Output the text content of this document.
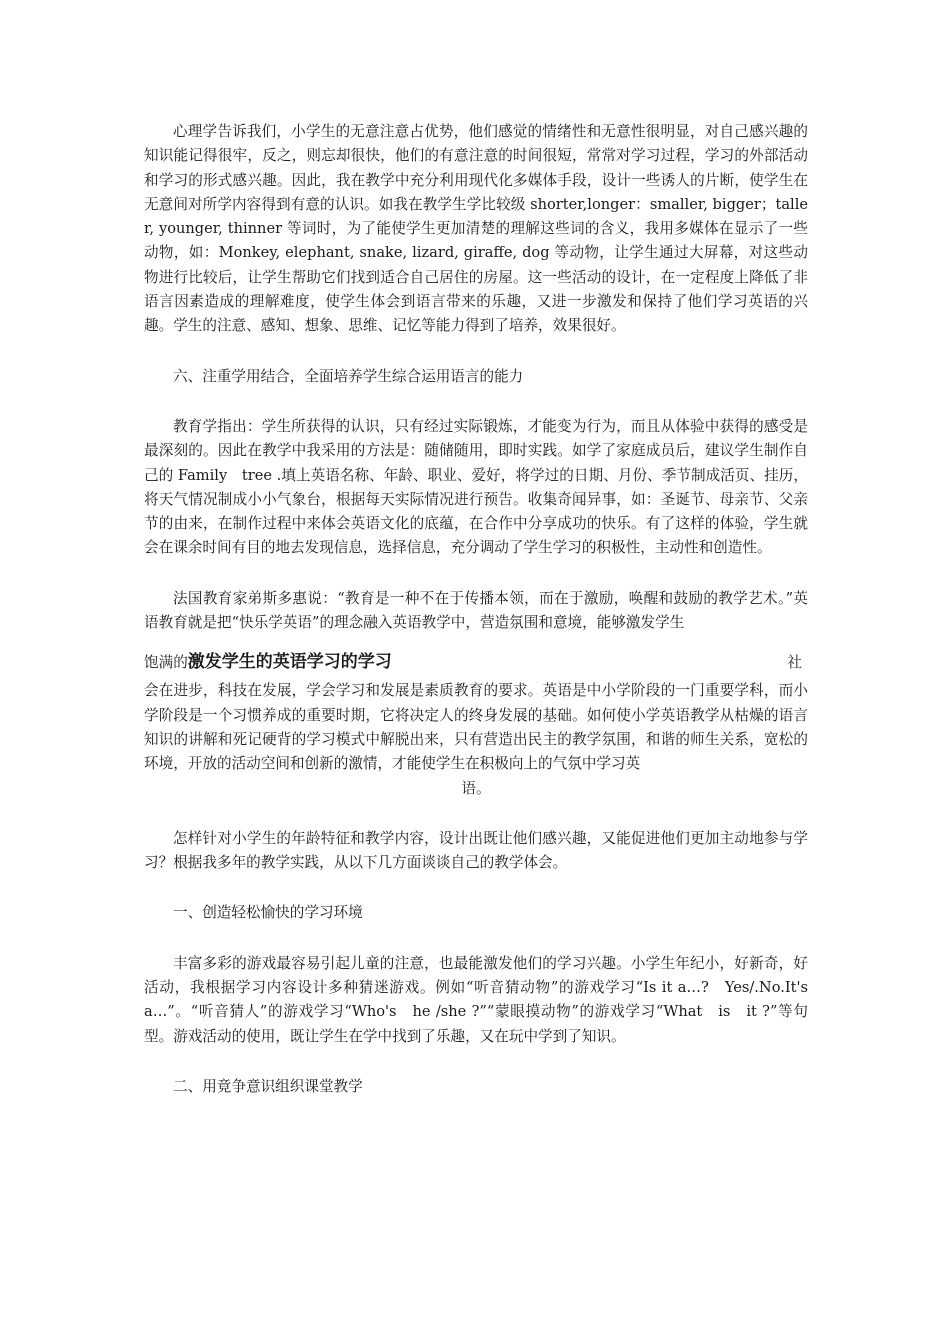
心理学告诉我们，小学生的无意注意占优势，他们感觉的情绪性和无意性很明显，对自己感兴趣的知识能记得很牢，反之，则忘却很快，他们的有意注意的时间很短，常常对学习过程，学习的外部活动和学习的形式感兴趣。因此，我在教学中充分利用现代化多媒体手段，设计一些诱人的片断，使学生在无意间对所学内容得到有意的认识。如我在教学生学比较级 shorter,longer：smaller, bigger；taller, younger, thinner 等词时，为了能使学生更加清楚的理解这些词的含义，我用多媒体在显示了一些动物，如：Monkey, elephant, snake, lizard, giraffe, dog 等动物，让学生通过大屏幕，对这些动物进行比较后，让学生帮助它们找到适合自己居住的房屋。这一些活动的设计，在一定程度上降低了非语言因素造成的理解难度，使学生体会到语言带来的乐趣，又进一步激发和保持了他们学习英语的兴趣。学生的注意、感知、想象、思维、记忆等能力得到了培养，效果很好。

六、注重学用结合，全面培养学生综合运用语言的能力

教育学指出：学生所获得的认识，只有经过实际锻炼，才能变为行为，而且从体验中获得的感受是最深刻的。因此在教学中我采用的方法是：随储随用，即时实践。如学了家庭成员后，建议学生制作自己的 Family　tree .填上英语名称、年龄、职业、爱好，将学过的日期、月份、季节制成活页、挂历，将天气情况制成小小气象台，根据每天实际情况进行预告。收集奇闻异事，如：圣诞节、母亲节、父亲节的由来，在制作过程中来体会英语文化的底蕴，在合作中分享成功的快乐。有了这样的体验，学生就会在课余时间有目的地去发现信息，选择信息，充分调动了学生学习的积极性，主动性和创造性。

法国教育家弟斯多惠说：“教育是一种不在于传播本领，而在于激励，唤醒和鼓励的教学艺术。”英语教育就是把“快乐学英语”的理念融入英语教学中，营造氛围和意境，能够激发学生

饱满的激发学生的英语学习的学习	社

会在进步，科技在发展，学会学习和发展是素质教育的要求。英语是中小学阶段的一门重要学科，而小学阶段是一个习惯养成的重要时期，它将决定人的终身发展的基础。如何使小学英语教学从枯燥的语言知识的讲解和死记硬背的学习模式中解脱出来，只有营造出民主的教学氛围，和谐的师生关系，宽松的环境，开放的活动空间和创新的激情，才能使学生在积极向上的气氛中学习英

语。

怎样针对小学生的年龄特征和教学内容，设计出既让他们感兴趣，又能促进他们更加主动地参与学习？根据我多年的教学实践，从以下几方面谈谈自己的教学体会。

一、创造轻松愉快的学习环境

丰富多彩的游戏最容易引起儿童的注意，也最能激发他们的学习兴趣。小学生年纪小，好新奇，好活动，我根据学习内容设计多种猜迷游戏。例如“听音猜动物”的游戏学习“Is it a…?　Yes/.No.It's　a…”。“听音猜人”的游戏学习“Who's　he /she ?”“蒙眼摸动物”的游戏学习“What　is　it ?”等句型。游戏活动的使用，既让学生在学中找到了乐趣，又在玩中学到了知识。

二、用竟争意识组织课堂教学
